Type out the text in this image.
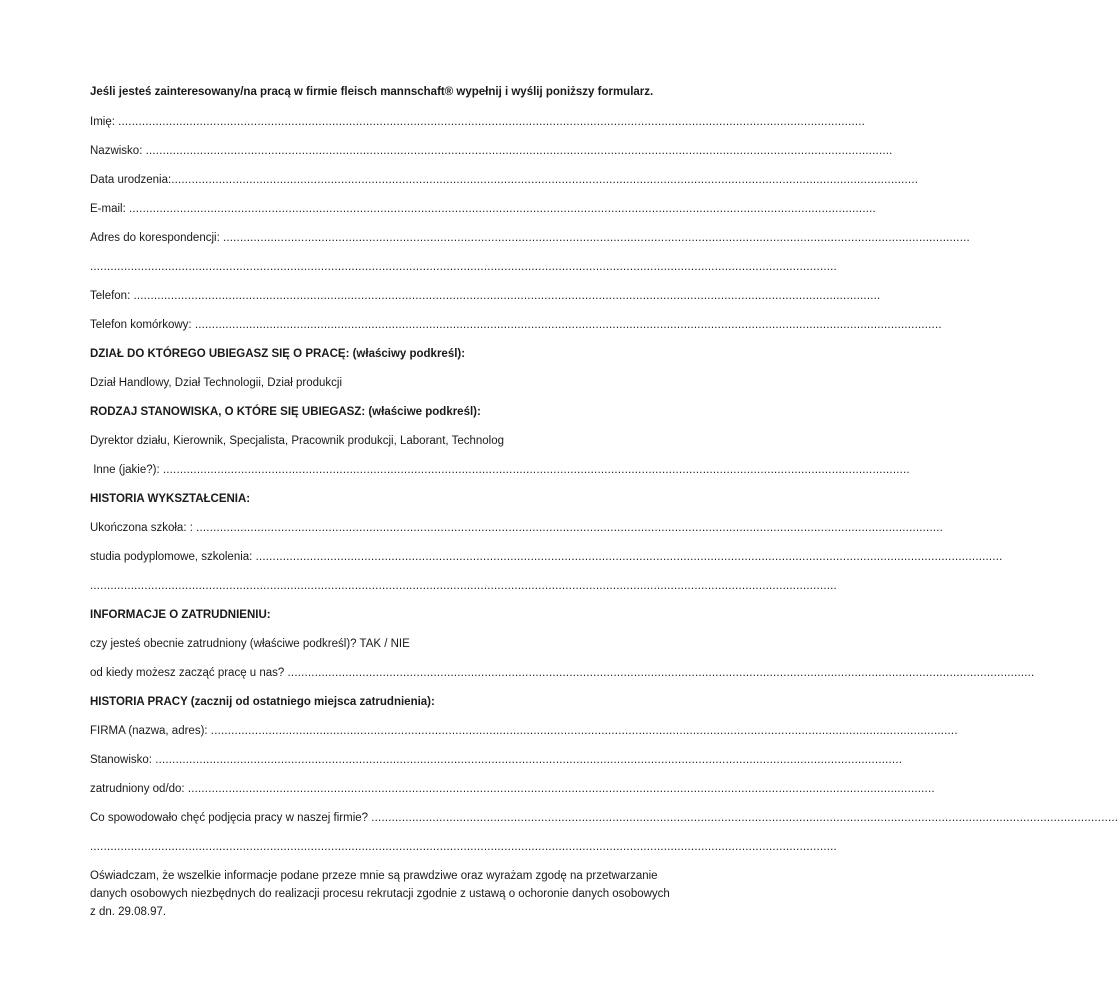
Jeśli jesteś zainteresowany/na pracą w firmie fleisch mannschaft® wypełnij i wyślij poniższy formularz.
Imię: ............................................................................................................................................................................................................................
Nazwisko: ............................................................................................................................................................................................................................
Data urodzenia: ............................................................................................................................................................................................................................
E-mail: ............................................................................................................................................................................................................................
Adres do korespondencji: ............................................................................................................................................................................................................................
............................................................................................................................................................................................................................
Telefon: ............................................................................................................................................................................................................................
Telefon komórkowy: ............................................................................................................................................................................................................................
DZIAŁ DO KTÓREGO UBIEGASZ SIĘ O PRACĘ: (właściwy podkreśl):
Dział Handlowy, Dział Technologii, Dział produkcji
RODZAJ STANOWISKA, O KTÓRE SIĘ UBIEGASZ: (właściwe podkreśl):
Dyrektor działu, Kierownik, Specjalista, Pracownik produkcji, Laborant, Technolog
Inne (jakie?): ............................................................................................................................................................................................................................
HISTORIA WYKSZTAŁCENIA:
Ukończona szkoła: : ............................................................................................................................................................................................................................
studia podyplomowe, szkolenia: ............................................................................................................................................................................................................................
............................................................................................................................................................................................................................
INFORMACJE O ZATRUDNIENIU:
czy jesteś obecnie zatrudniony (właściwe podkreśl)? TAK / NIE
od kiedy możesz zacząć pracę u nas? ............................................................................................................................................................................................................................
HISTORIA PRACY (zacznij od ostatniego miejsca zatrudnienia):
FIRMA (nazwa, adres): ............................................................................................................................................................................................................................
Stanowisko: ............................................................................................................................................................................................................................
zatrudniony od/do: ............................................................................................................................................................................................................................
Co spowodowało chęć podjęcia pracy w naszej firmie? ............................................................................................................................................................................................................................
............................................................................................................................................................................................................................
Oświadczam, że wszelkie informacje podane przeze mnie są prawdziwe oraz wyrażam zgodę na przetwarzanie danych osobowych niezbędnych do realizacji procesu rekrutacji zgodnie z ustawą o ochoronie danych osobowych z dn. 29.08.97.
